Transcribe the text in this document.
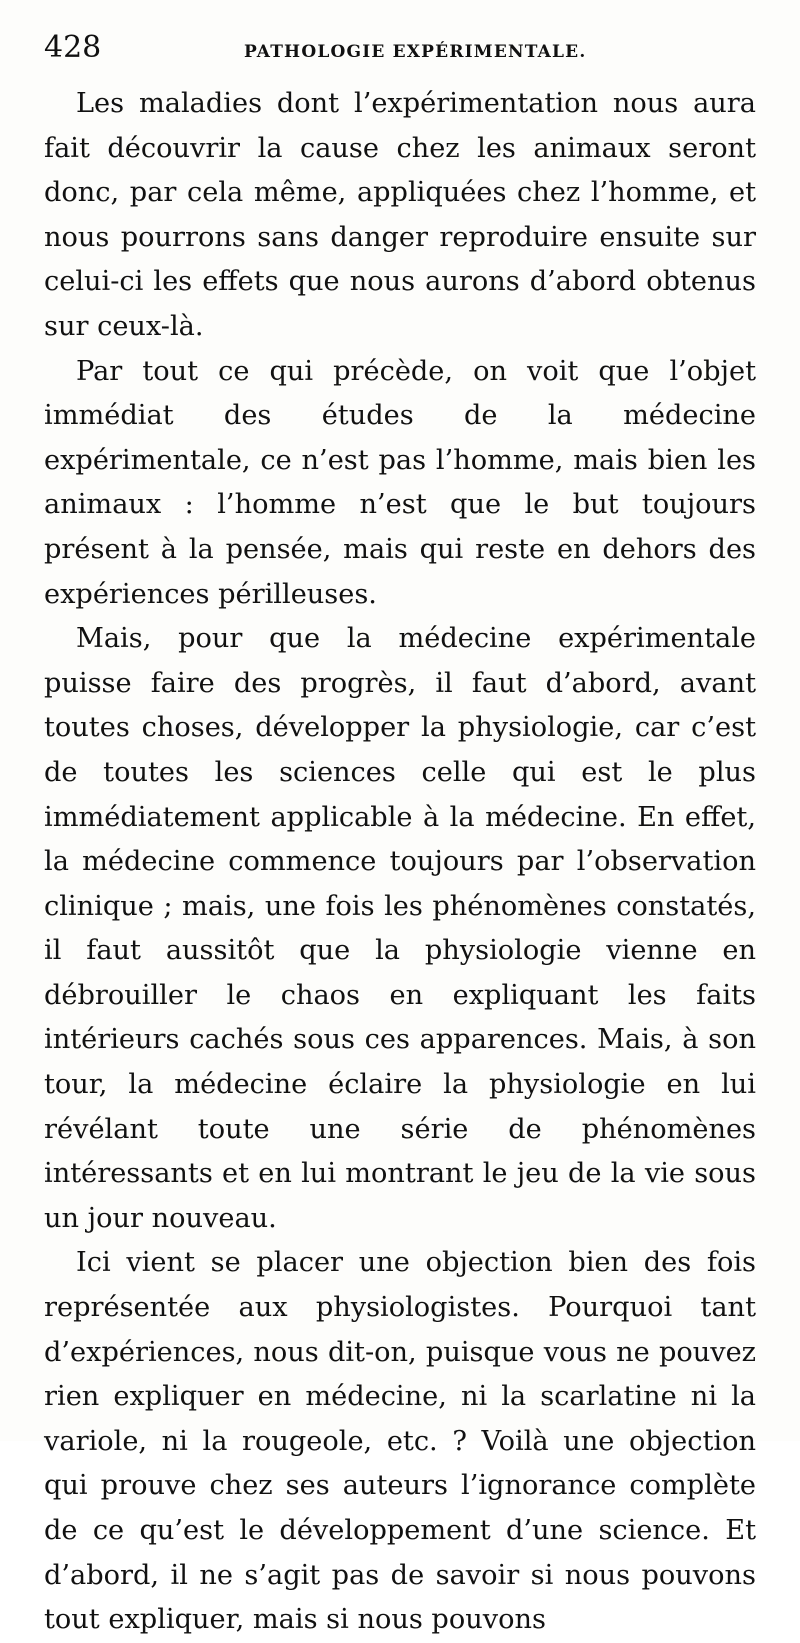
428	PATHOLOGIE EXPÉRIMENTALE.

Les maladies dont l’expérimentation nous aura fait découvrir la cause chez les animaux seront donc, par cela même, appliquées chez l’homme, et nous pourrons sans danger reproduire ensuite sur celui-ci les effets que nous aurons d’abord obtenus sur ceux-là.

Par tout ce qui précède, on voit que l’objet immédiat des études de la médecine expérimentale, ce n’est pas l’homme, mais bien les animaux : l’homme n’est que le but toujours présent à la pensée, mais qui reste en dehors des expériences périlleuses.

Mais, pour que la médecine expérimentale puisse faire des progrès, il faut d’abord, avant toutes choses, développer la physiologie, car c’est de toutes les sciences celle qui est le plus immédiatement applicable à la médecine. En effet, la médecine commence toujours par l’observation clinique ; mais, une fois les phénomènes constatés, il faut aussitôt que la physiologie vienne en débrouiller le chaos en expliquant les faits intérieurs cachés sous ces apparences. Mais, à son tour, la médecine éclaire la physiologie en lui révélant toute une série de phénomènes intéressants et en lui montrant le jeu de la vie sous un jour nouveau.

Ici vient se placer une objection bien des fois représentée aux physiologistes. Pourquoi tant d’expériences, nous dit-on, puisque vous ne pouvez rien expliquer en médecine, ni la scarlatine ni la variole, ni la rougeole, etc. ? Voilà une objection qui prouve chez ses auteurs l’ignorance complète de ce qu’est le développement d’une science. Et d’abord, il ne s’agit pas de savoir si nous pouvons tout expliquer, mais si nous pouvons
